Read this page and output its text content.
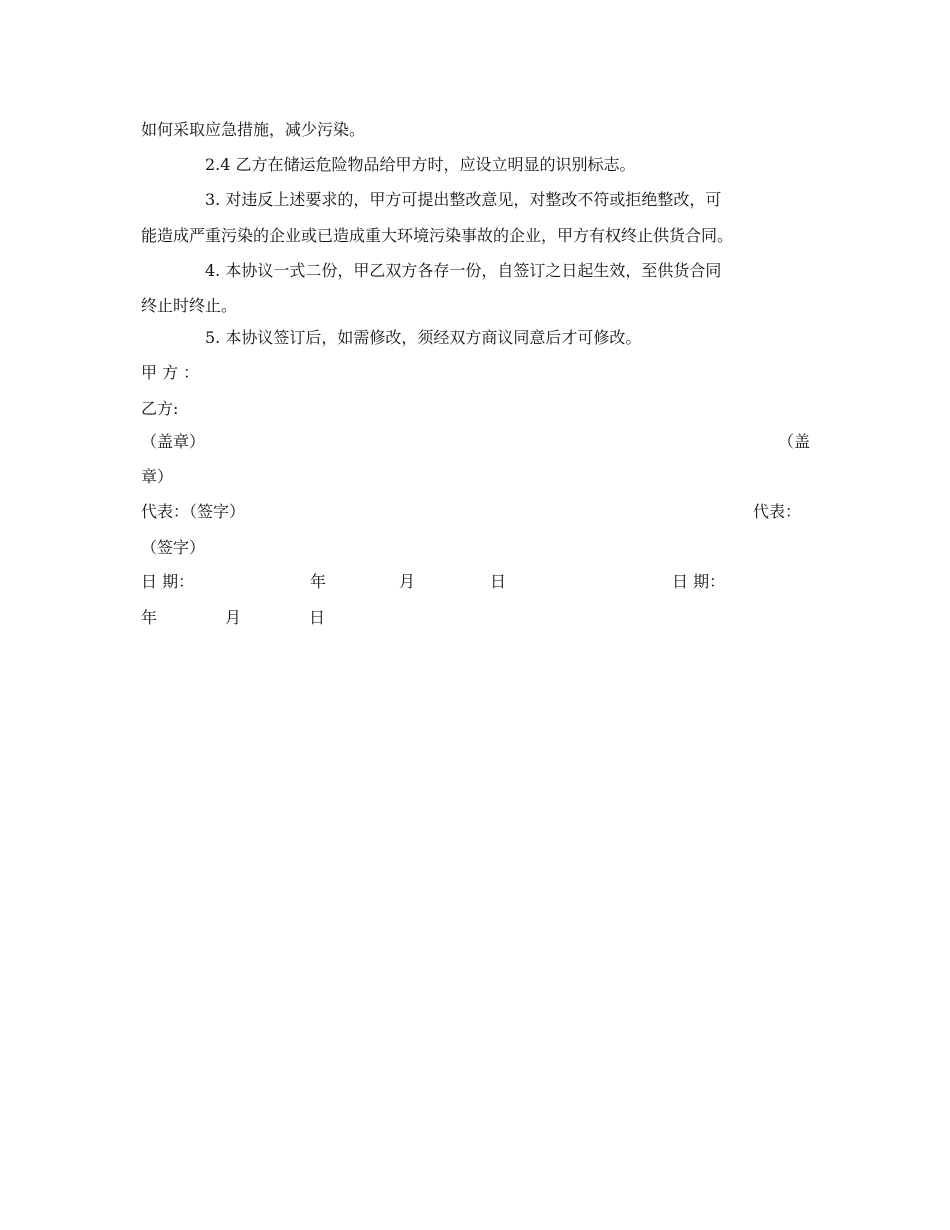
如何采取应急措施，减少污染。
2.4 乙方在储运危险物品给甲方时，应设立明显的识别标志。
3. 对违反上述要求的，甲方可提出整改意见，对整改不符或拒绝整改，可
能造成严重污染的企业或已造成重大环境污染事故的企业，甲方有权终止供货合同。
4. 本协议一式二份，甲乙双方各存一份，自签订之日起生效，至供货合同
终止时终止。
5. 本协议签订后，如需修改，须经双方商议同意后才可修改。
甲 方 ：
乙方:
（盖章）	（盖
章）
代表：（签字）	代表：
（签字）
日 期：	年	月	日	日 期：
年	月	日
